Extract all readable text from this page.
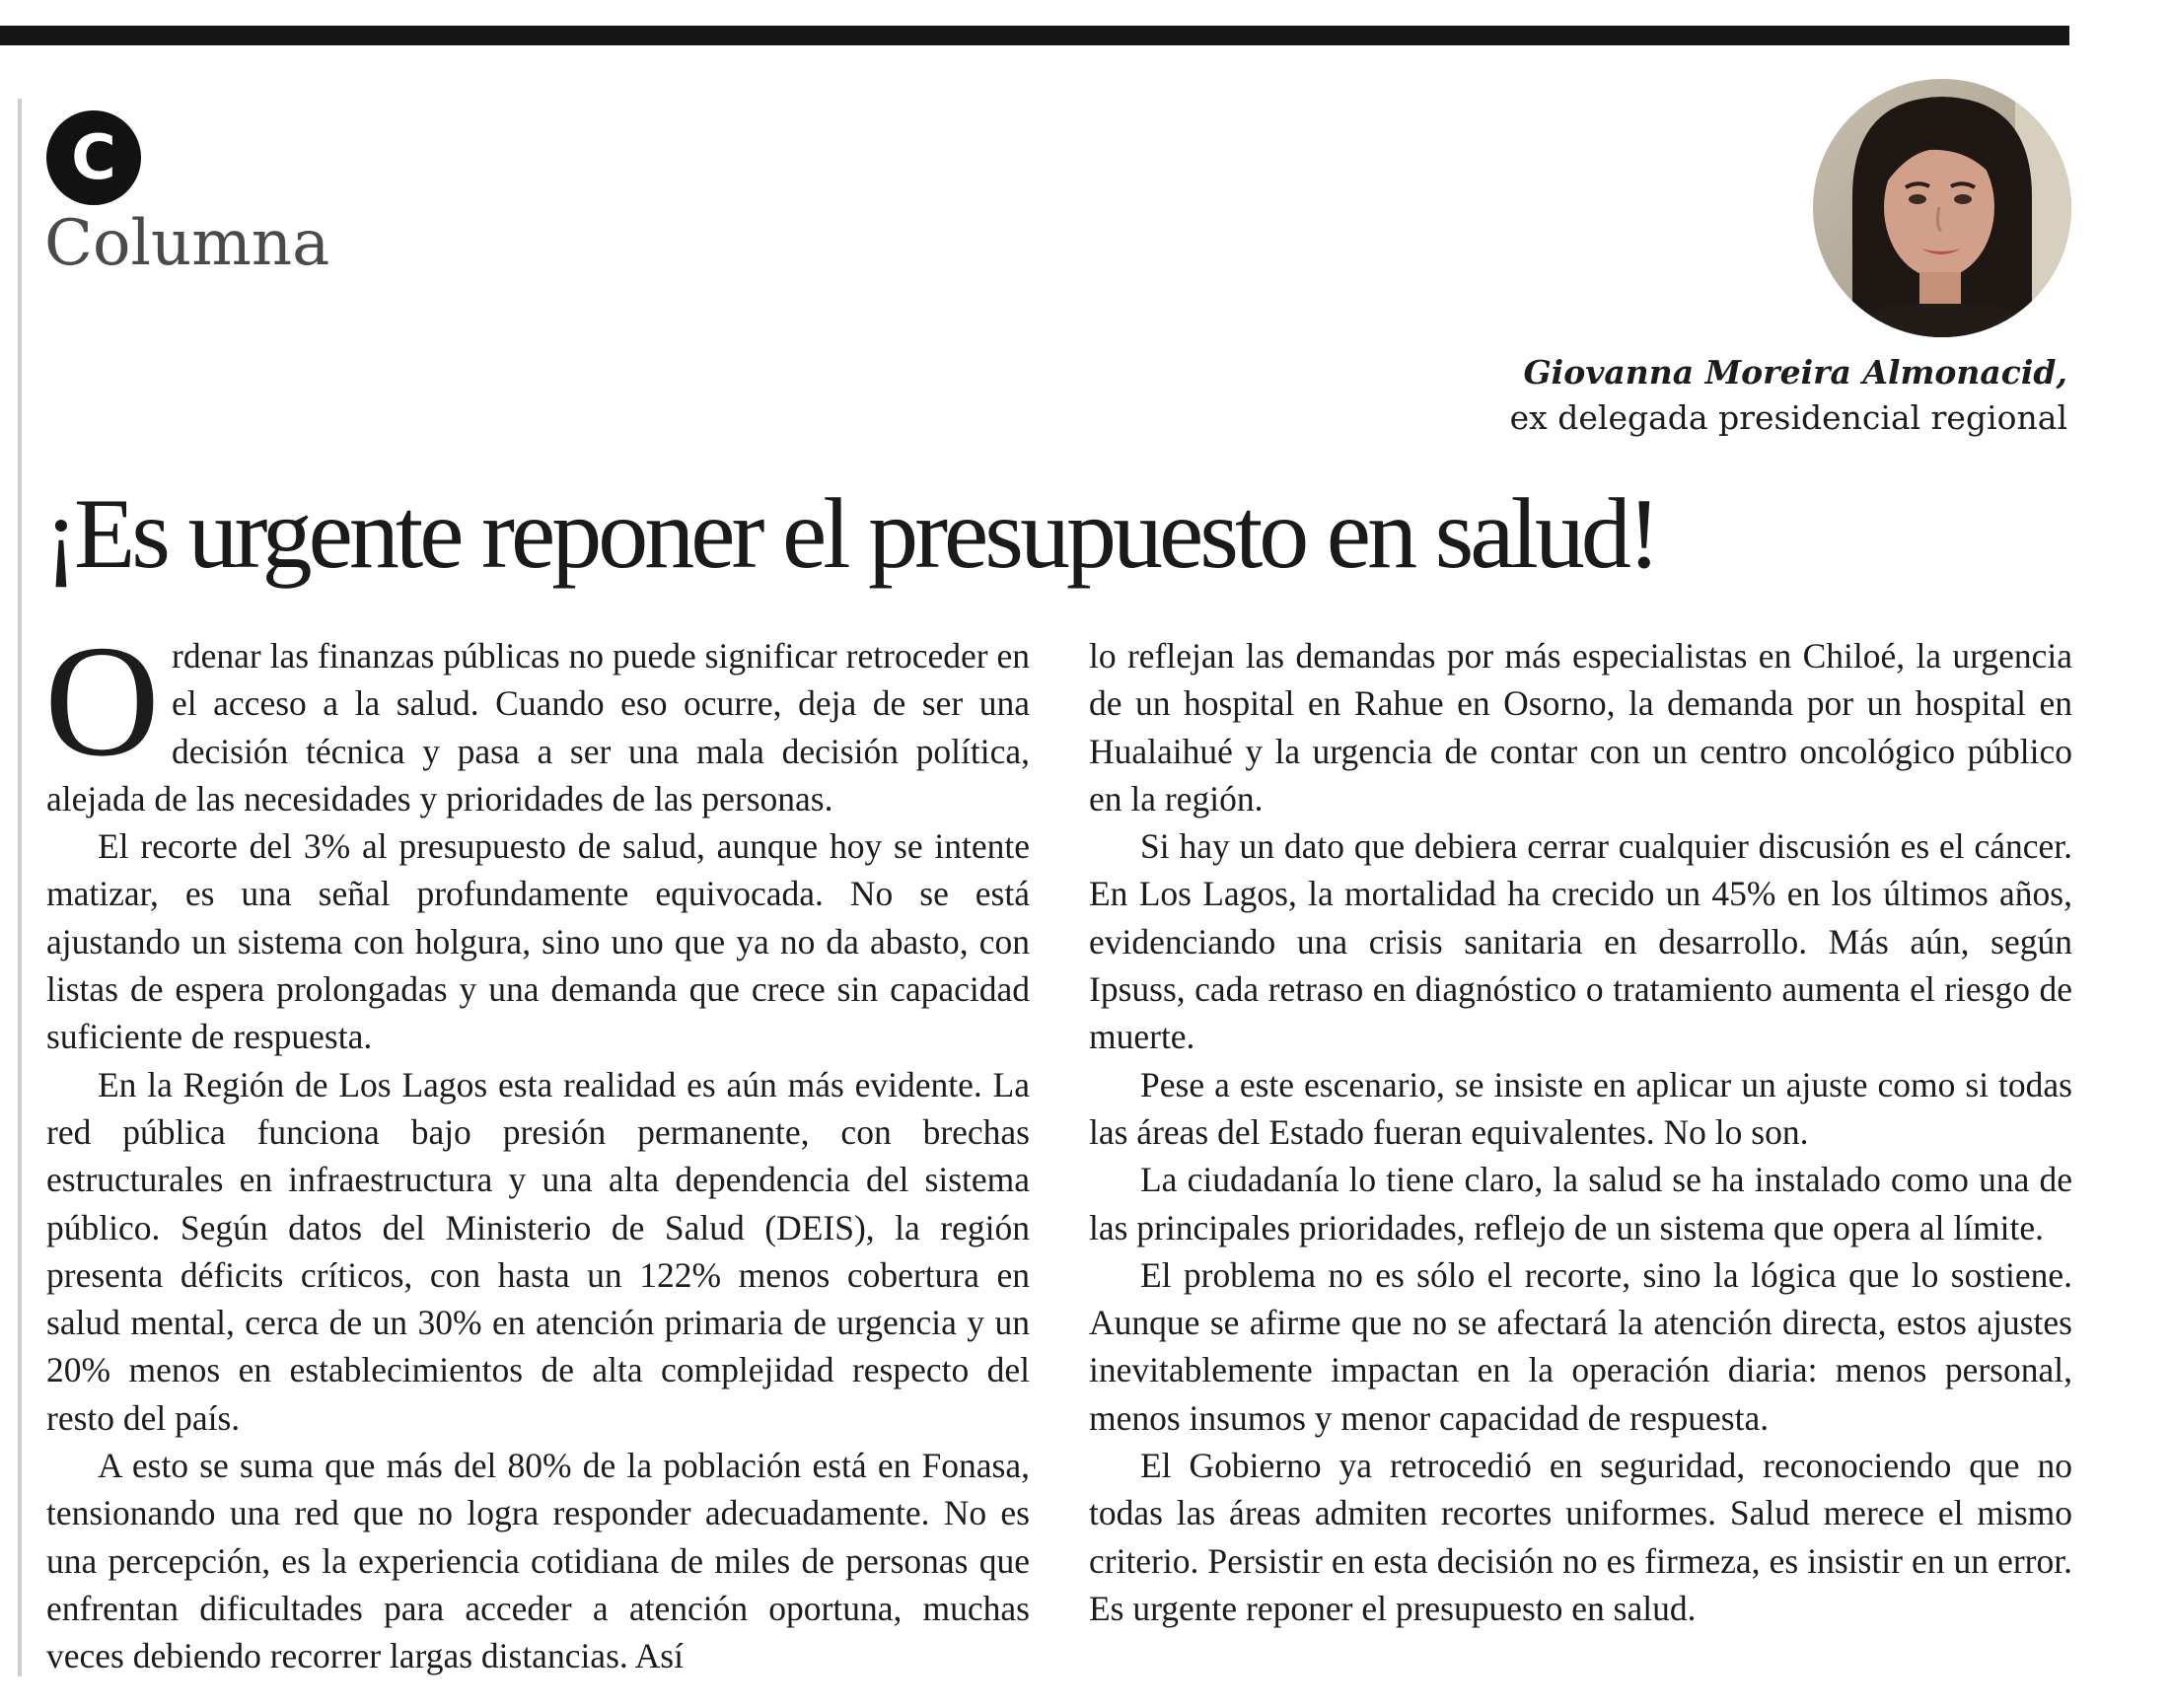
C
Columna
Giovanna Moreira Almonacid,
ex delegada presidencial regional
¡Es urgente reponer el presupuesto en salud!

Ordenar las finanzas públicas no puede significar retroceder en el acceso a la salud. Cuando eso ocurre, deja de ser una decisión técnica y pasa a ser una mala decisión política, alejada de las necesidades y prioridades de las personas.

El recorte del 3% al presupuesto de salud, aunque hoy se intente matizar, es una señal profundamente equivocada. No se está ajustando un sistema con holgura, sino uno que ya no da abasto, con listas de espera prolongadas y una demanda que crece sin capacidad suficiente de respuesta.

En la Región de Los Lagos esta realidad es aún más evidente. La red pública funciona bajo presión permanente, con brechas estructurales en infraestructura y una alta dependencia del sistema público. Según datos del Ministerio de Salud (DEIS), la región presenta déficits críticos, con hasta un 122% menos cobertura en salud mental, cerca de un 30% en atención primaria de urgencia y un 20% menos en establecimientos de alta complejidad respecto del resto del país.

A esto se suma que más del 80% de la población está en Fonasa, tensionando una red que no logra responder adecuadamente. No es una percepción, es la experiencia cotidiana de miles de personas que enfrentan dificultades para acceder a atención oportuna, muchas veces debiendo recorrer largas distancias. Así

lo reflejan las demandas por más especialistas en Chiloé, la urgencia de un hospital en Rahue en Osorno, la demanda por un hospital en Hualaihué y la urgencia de contar con un centro oncológico público en la región.

Si hay un dato que debiera cerrar cualquier discusión es el cáncer. En Los Lagos, la mortalidad ha crecido un 45% en los últimos años, evidenciando una crisis sanitaria en desarrollo. Más aún, según Ipsuss, cada retraso en diagnóstico o tratamiento aumenta el riesgo de muerte.

Pese a este escenario, se insiste en aplicar un ajuste como si todas las áreas del Estado fueran equivalentes. No lo son.

La ciudadanía lo tiene claro, la salud se ha instalado como una de las principales prioridades, reflejo de un sistema que opera al límite.

El problema no es sólo el recorte, sino la lógica que lo sostiene. Aunque se afirme que no se afectará la atención directa, estos ajustes inevitablemente impactan en la operación diaria: menos personal, menos insumos y menor capacidad de respuesta.

El Gobierno ya retrocedió en seguridad, reconociendo que no todas las áreas admiten recortes uniformes. Salud merece el mismo criterio. Persistir en esta decisión no es firmeza, es insistir en un error. Es urgente reponer el presupuesto en salud.
